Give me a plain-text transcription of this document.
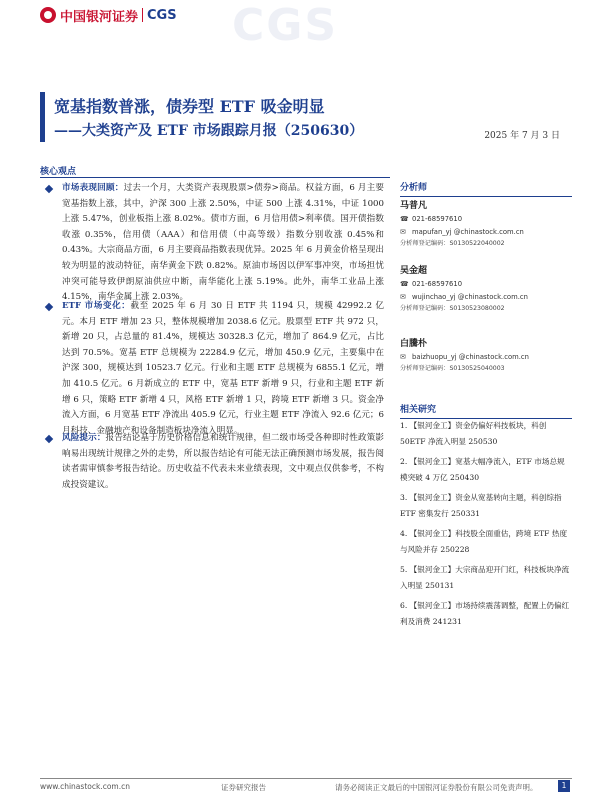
中国银河证券 CGS CGS
宽基指数普涨，债券型 ETF 吸金明显
——大类资产及 ETF 市场跟踪月报（250630）	2025 年 7 月 3 日
核心观点
市场表现回顾：过去一个月，大类资产表现股票>债券>商品。权益方面，6 月主要宽基指数上涨，其中，沪深 300 上涨 2.50%，中证 500 上涨 4.31%，中证 1000 上涨 5.47%，创业板指上涨 8.02%。债市方面，6 月信用债>利率债。国开债指数收涨 0.35%，信用债（AAA）和信用债（中高等级）指数分别收涨 0.45%和 0.43%。大宗商品方面，6 月主要商品指数表现优异。2025 年 6 月黄金价格呈现出较为明显的波动特征，南华黄金下跌 0.82%。原油市场因以伊军事冲突，市场担忧冲突可能导致伊朗原油供应中断，南华能化上涨 5.19%。此外，南华工业品上涨 4.15%，南华金属上涨 2.03%。
ETF 市场变化：截至 2025 年 6 月 30 日 ETF 共 1194 只，规模 42992.2 亿元。本月 ETF 增加 23 只，整体规模增加 2038.6 亿元。股票型 ETF 共 972 只，新增 20 只，占总量的 81.4%，规模达 30328.3 亿元，增加了 864.9 亿元，占比达到 70.5%。宽基 ETF 总规模为 22284.9 亿元，增加 450.9 亿元，主要集中在沪深 300，规模达到 10523.7 亿元。行业和主题 ETF 总规模为 6855.1 亿元，增加 410.5 亿元。6 月新成立的 ETF 中，宽基 ETF 新增 9 只，行业和主题 ETF 新增 6 只，策略 ETF 新增 4 只，风格 ETF 新增 1 只，跨境 ETF 新增 3 只。资金净流入方面，6 月宽基 ETF 净流出 405.9 亿元，行业主题 ETF 净流入 92.6 亿元；6 月科技、金融地产和设备制造板块净流入明显。
风险提示：报告结论基于历史价格信息和统计规律，但二级市场受各种即时性政策影响易出现统计规律之外的走势，所以报告结论有可能无法正确预测市场发展，报告阅读者需审慎参考报告结论。历史收益不代表未来业绩表现，文中观点仅供参考，不构成投资建议。
分析师
马普凡
☎ 021-68597610
✉ mapufan_yj @chinastock.com.cn
分析师登记编码：S0130522040002
吴金超
☎ 021-68597610
✉ wujinchao_yj @chinastock.com.cn
分析师登记编码：S0130523080002
白騰朴
✉ baizhuopu_yj @chinastock.com.cn
分析师登记编码：S0130525040003
相关研究
1. 【银河金工】资金仍偏好科技板块，科创 50ETF 净流入明显 250530
2. 【银河金工】宽基大幅净流入，ETF 市场总规模突破 4 万亿 250430
3. 【银河金工】资金从宽基转向主题，科创综指 ETF 密集发行 250331
4. 【银河金工】科技股全面重估，跨境 ETF 热度与风险并存 250228
5. 【银河金工】大宗商品迎开门红，科技板块净流入明显 250131
6. 【银河金工】市场持续震荡调整，配置上仍偏红利及消费 241231
www.chinastock.com.cn	证券研究报告	请务必阅读正文最后的中国银河证券股份有限公司免责声明。	1
